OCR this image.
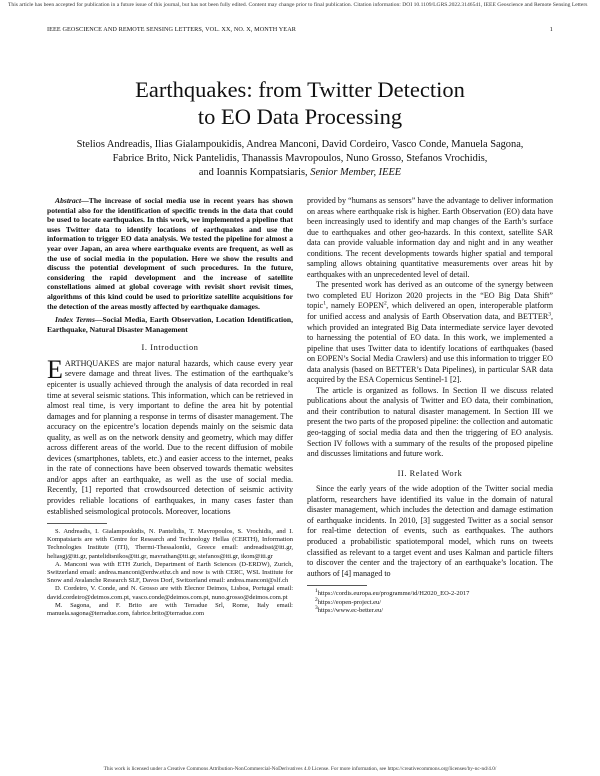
This article has been accepted for publication in a future issue of this journal, but has not been fully edited. Content may change prior to final publication. Citation information: DOI 10.1109/LGRS.2022.3146541, IEEE Geoscience and Remote Sensing Letters
IEEE GEOSCIENCE AND REMOTE SENSING LETTERS, VOL. XX, NO. X, MONTH YEAR	1
Earthquakes: from Twitter Detection
to EO Data Processing
Stelios Andreadis, Ilias Gialampoukidis, Andrea Manconi, David Cordeiro, Vasco Conde, Manuela Sagona,
Fabrice Brito, Nick Pantelidis, Thanassis Mavropoulos, Nuno Grosso, Stefanos Vrochidis,
and Ioannis Kompatsiaris, Senior Member, IEEE

Abstract—The increase of social media use in recent years has shown potential also for the identification of specific trends in the data that could be used to locate earthquakes. In this work, we implemented a pipeline that uses Twitter data to identify locations of earthquakes and use the information to trigger EO data analysis. We tested the pipeline for almost a year over Japan, an area where earthquake events are frequent, as well as the use of social media in the population. Here we show the results and discuss the potential development of such procedures. In the future, considering the rapid development and the increase of satellite constellations aimed at global coverage with revisit short revisit times, algorithms of this kind could be used to prioritize satellite acquisitions for the detection of the areas mostly affected by earthquake damages.

Index Terms—Social Media, Earth Observation, Location Identification, Earthquake, Natural Disaster Management

I. Introduction

EARTHQUAKES are major natural hazards, which cause every year severe damage and threat lives. The estimation of the earthquake’s epicenter is usually achieved through the analysis of data recorded in real time at several seismic stations. This information, which can be retrieved in almost real time, is very important to define the area hit by potential damages and for planning a response in terms of disaster management. The accuracy on the epicentre’s location depends mainly on the seismic data quality, as well as on the network density and geometry, which may differ across different areas of the world. Due to the recent diffusion of mobile devices (smartphones, tablets, etc.) and easier access to the internet, peaks in the rate of connections have been observed towards thematic websites and/or apps after an earthquake, as well as the use of social media. Recently, [1] reported that crowdsourced detection of seismic activity provides reliable locations of earthquakes, in many cases faster than established seismological protocols. Moreover, locations

S. Andreadis, I. Gialampoukidis, N. Pantelidis, T. Mavropoulos, S. Vrochidis, and I. Kompatsiaris are with Centre for Research and Technology Hellas (CERTH), Information Technologies Institute (ITI), Thermi-Thessaloniki, Greece email: andreadisst@iti.gr, heliasgj@iti.gr, pantelidisnikos@iti.gr, mavrathan@iti.gr, stefanos@iti.gr, ikom@iti.gr

A. Manconi was with ETH Zurich, Department of Earth Sciences (D-ERDW), Zurich, Switzerland email: andrea.manconi@erdw.ethz.ch and now is with CERC, WSL Institute for Snow and Avalanche Research SLF, Davos Dorf, Switzerland email: andrea.manconi@slf.ch

D. Cordeiro, V. Conde, and N. Grosso are with Elecnor Deimos, Lisboa, Portugal email: david.cordeiro@deimos.com.pt, vasco.conde@deimos.com.pt, nuno.grosso@deimos.com.pt

M. Sagona, and F. Brito are with Terradue Srl, Rome, Italy email: manuela.sagona@terradue.com, fabrice.brito@terradue.com

provided by “humans as sensors” have the advantage to deliver information on areas where earthquake risk is higher. Earth Observation (EO) data have been increasingly used to identify and map changes of the Earth’s surface due to earthquakes and other geo-hazards. In this context, satellite SAR data can provide valuable information day and night and in any weather conditions. The recent developments towards higher spatial and temporal sampling allows obtaining quantitative measurements over areas hit by earthquakes with an unprecedented level of detail.

The presented work has derived as an outcome of the synergy between two completed EU Horizon 2020 projects in the “EO Big Data Shift” topic$^1$, namely EOPEN$^2$, which delivered an open, interoperable platform for unified access and analysis of Earth Observation data, and BETTER$^3$, which provided an integrated Big Data intermediate service layer devoted to harnessing the potential of EO data. In this work, we implemented a pipeline that uses Twitter data to identify locations of earthquakes (based on EOPEN’s Social Media Crawlers) and use this information to trigger EO data analysis (based on BETTER’s Data Pipelines), in particular SAR data acquired by the ESA Copernicus Sentinel-1 [2].

The article is organized as follows. In Section II we discuss related publications about the analysis of Twitter and EO data, their combination, and their contribution to natural disaster management. In Section III we present the two parts of the proposed pipeline: the collection and automatic geo-tagging of social media data and then the triggering of EO analysis. Section IV follows with a summary of the results of the proposed pipeline and discusses limitations and future work.

II. Related Work

Since the early years of the wide adoption of the Twitter social media platform, researchers have identified its value in the domain of natural disaster management, which includes the detection and damage estimation of earthquake incidents. In 2010, [3] suggested Twitter as a social sensor for real-time detection of events, such as earthquakes. The authors produced a probabilistic spatiotemporal model, which runs on tweets classified as relevant to a target event and uses Kalman and particle filters to discover the center and the trajectory of an earthquake’s location. The authors of [4] managed to

$^1$https://cordis.europa.eu/programme/id/H2020_EO-2-2017

$^2$https://eopen-project.eu/

$^3$https://www.ec-better.eu/

This work is licensed under a Creative Commons Attribution-NonCommercial-NoDerivatives 4.0 License. For more information, see https://creativecommons.org/licenses/by-nc-nd/4.0/
